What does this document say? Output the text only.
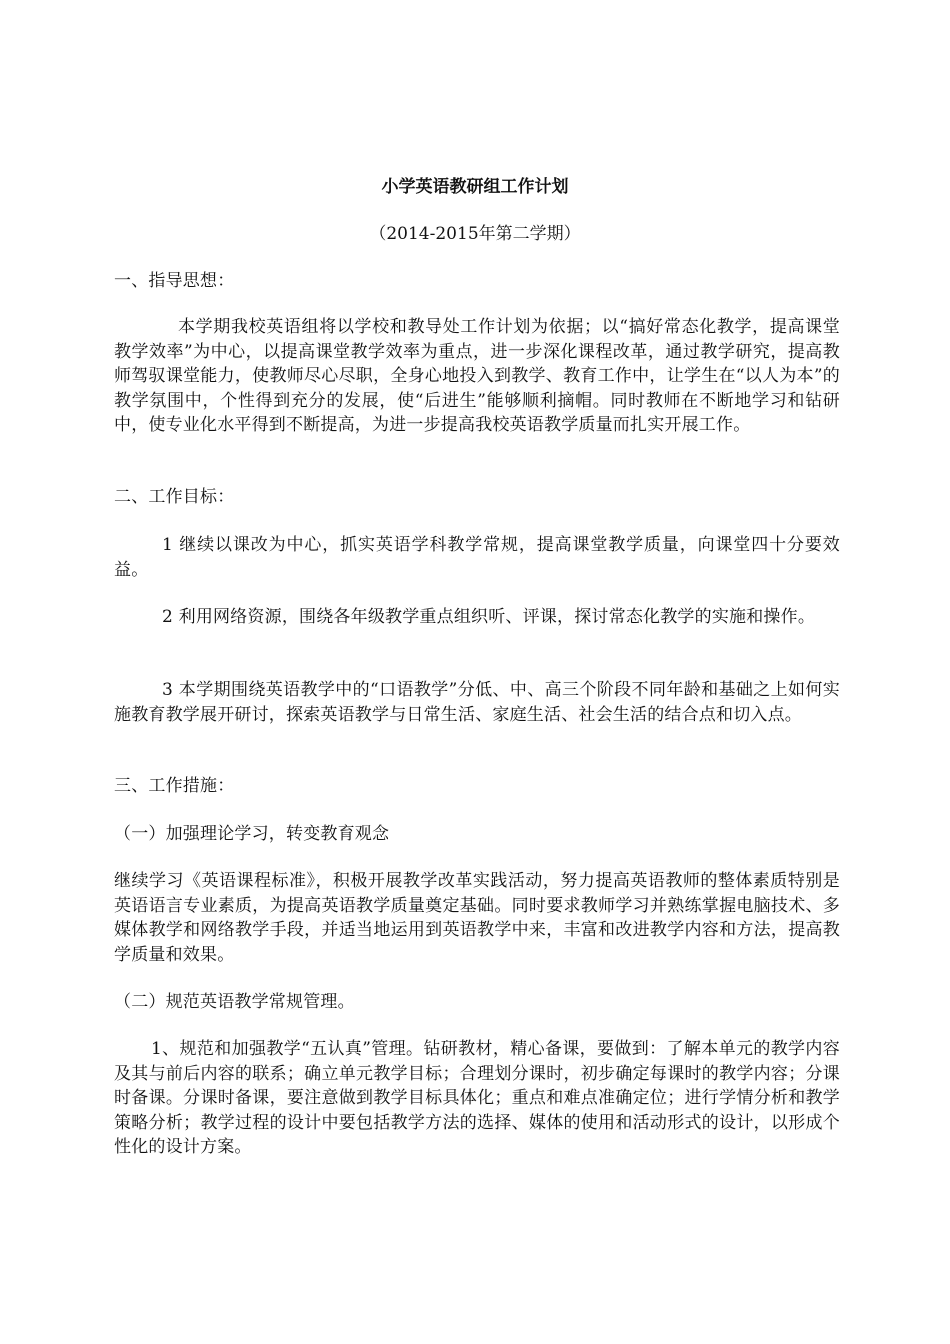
小学英语教研组工作计划

（2014-2015年第二学期）

一、指导思想：

本学期我校英语组将以学校和教导处工作计划为依据；以“搞好常态化教学，提高课堂教学效率”为中心，以提高课堂教学效率为重点，进一步深化课程改革，通过教学研究，提高教师驾驭课堂能力，使教师尽心尽职，全身心地投入到教学、教育工作中，让学生在“以人为本”的教学氛围中，个性得到充分的发展，使“后进生”能够顺利摘帽。同时教师在不断地学习和钻研中，使专业化水平得到不断提高，为进一步提高我校英语教学质量而扎实开展工作。

二、工作目标：

1 继续以课改为中心，抓实英语学科教学常规，提高课堂教学质量，向课堂四十分要效益。

2 利用网络资源，围绕各年级教学重点组织听、评课，探讨常态化教学的实施和操作。

3 本学期围绕英语教学中的“口语教学”分低、中、高三个阶段不同年龄和基础之上如何实施教育教学展开研讨，探索英语教学与日常生活、家庭生活、社会生活的结合点和切入点。

三、工作措施：

（一）加强理论学习，转变教育观念

继续学习《英语课程标准》，积极开展教学改革实践活动，努力提高英语教师的整体素质特别是英语语言专业素质，为提高英语教学质量奠定基础。同时要求教师学习并熟练掌握电脑技术、多媒体教学和网络教学手段，并适当地运用到英语教学中来，丰富和改进教学内容和方法，提高教学质量和效果。

（二）规范英语教学常规管理。

1、规范和加强教学“五认真”管理。钻研教材，精心备课，要做到：了解本单元的教学内容及其与前后内容的联系；确立单元教学目标；合理划分课时，初步确定每课时的教学内容；分课时备课。分课时备课，要注意做到教学目标具体化；重点和难点准确定位；进行学情分析和教学策略分析；教学过程的设计中要包括教学方法的选择、媒体的使用和活动形式的设计，以形成个性化的设计方案。
